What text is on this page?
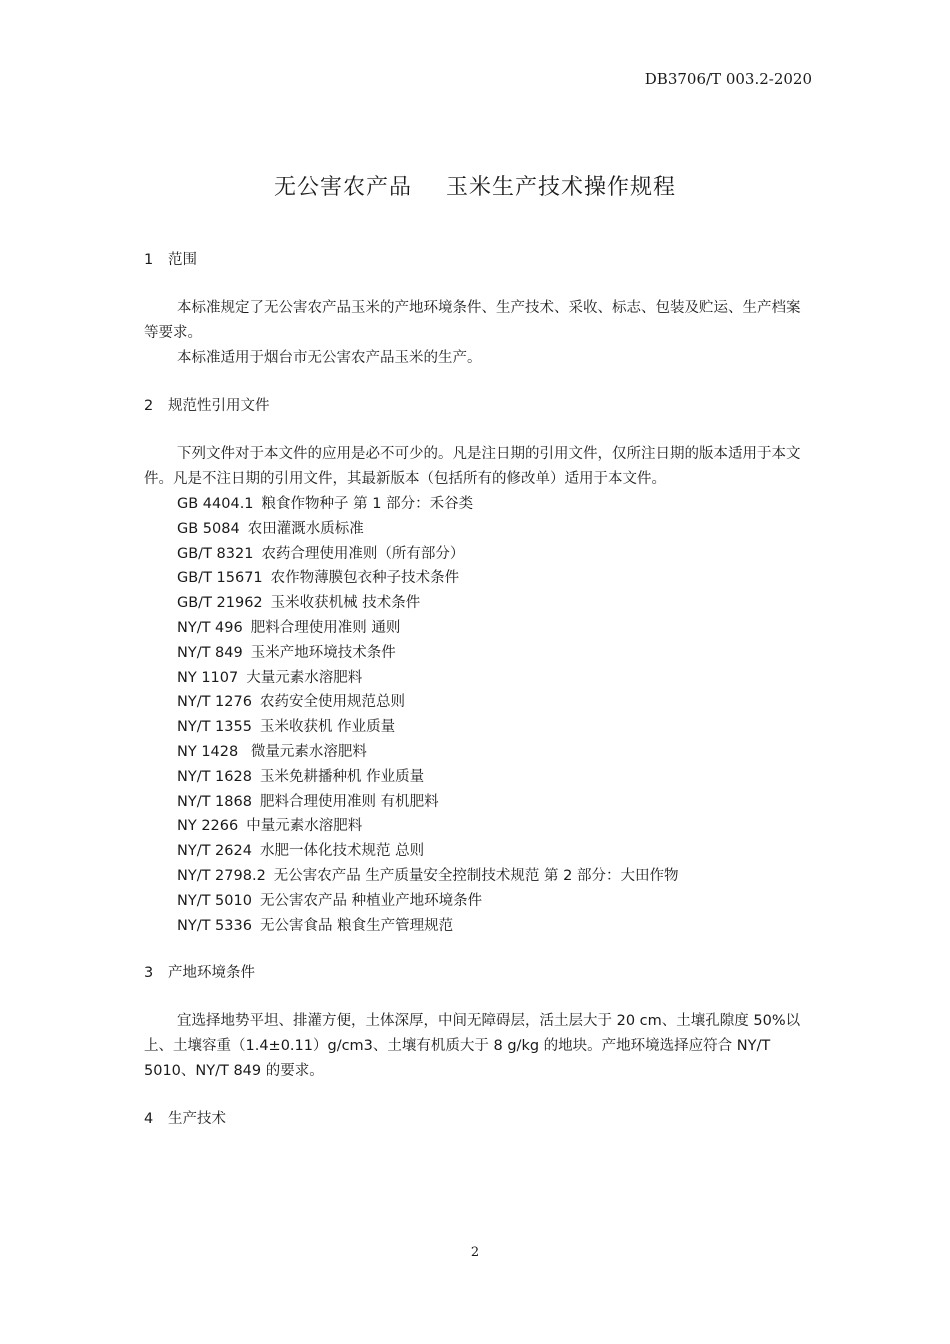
DB3706/T 003.2-2020
无公害农产品 玉米生产技术操作规程

1 范围

本标准规定了无公害农产品玉米的产地环境条件、生产技术、采收、标志、包装及贮运、生产档案等要求。

本标准适用于烟台市无公害农产品玉米的生产。

2 规范性引用文件

下列文件对于本文件的应用是必不可少的。凡是注日期的引用文件，仅所注日期的版本适用于本文件。凡是不注日期的引用文件，其最新版本（包括所有的修改单）适用于本文件。

GB 4404.1 粮食作物种子 第 1 部分：禾谷类
GB 5084 农田灌溉水质标准
GB/T 8321 农药合理使用准则（所有部分）
GB/T 15671 农作物薄膜包衣种子技术条件
GB/T 21962 玉米收获机械 技术条件
NY/T 496 肥料合理使用准则 通则
NY/T 849 玉米产地环境技术条件
NY 1107 大量元素水溶肥料
NY/T 1276 农药安全使用规范总则
NY/T 1355 玉米收获机 作业质量
NY 1428 微量元素水溶肥料
NY/T 1628 玉米免耕播种机 作业质量
NY/T 1868 肥料合理使用准则 有机肥料
NY 2266 中量元素水溶肥料
NY/T 2624 水肥一体化技术规范 总则
NY/T 2798.2 无公害农产品 生产质量安全控制技术规范 第 2 部分：大田作物
NY/T 5010 无公害农产品 种植业产地环境条件
NY/T 5336 无公害食品 粮食生产管理规范

3 产地环境条件

宜选择地势平坦、排灌方便，土体深厚，中间无障碍层，活土层大于 20 cm、土壤孔隙度 50%以上、土壤容重（1.4±0.11）g/cm3、土壤有机质大于 8 g/kg 的地块。产地环境选择应符合 NY/T 5010、NY/T 849 的要求。

4 生产技术

2
